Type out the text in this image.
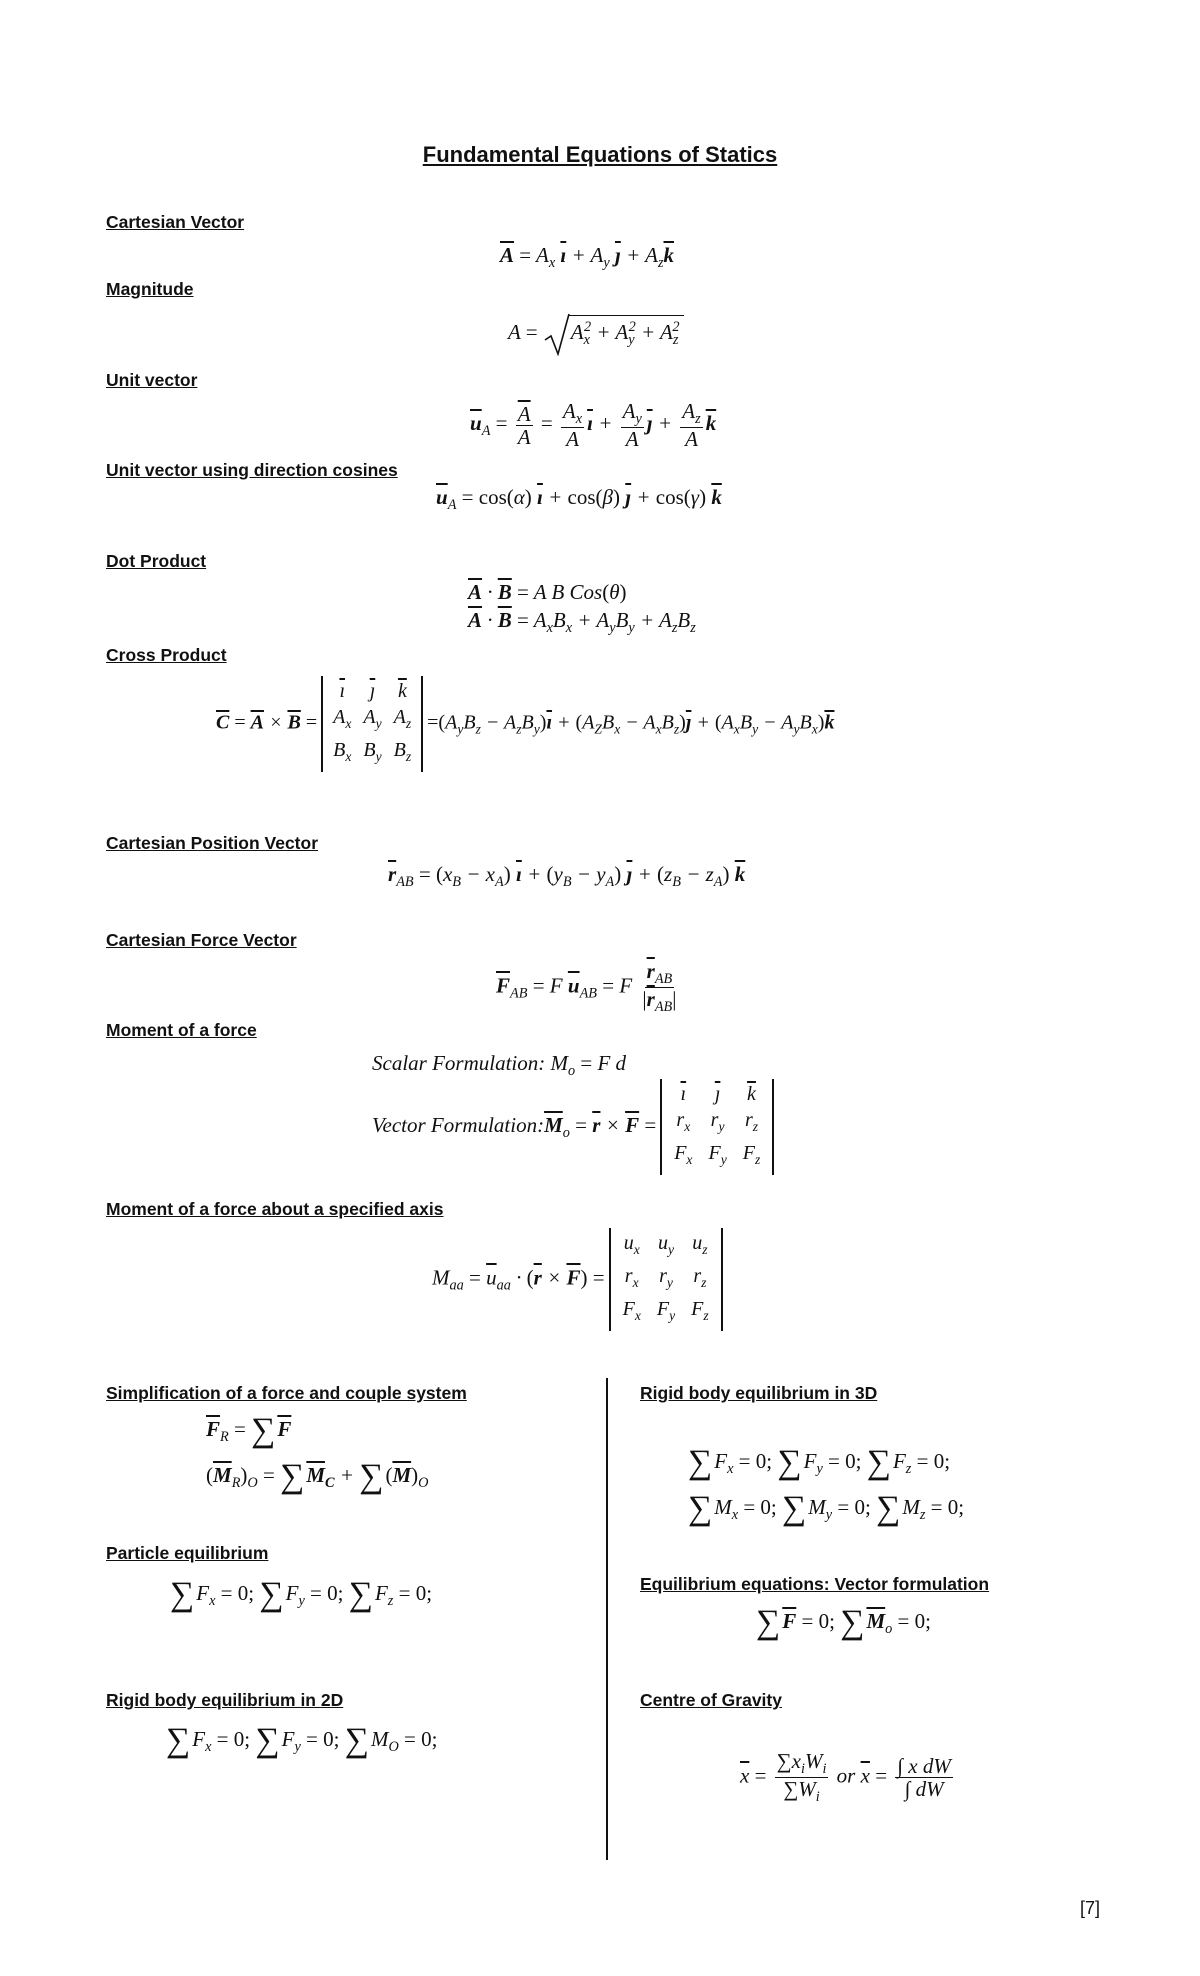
Fundamental Equations of Statics
Cartesian Vector
$\overline{A} = A_x$ $\overline{ı} + A_y$ $\overline{ȷ} + A_z\overline{k}$
Magnitude
$A = A_x^2 + A_y^2 + A_z^2$
Unit vector
$\overline{u}_A = \frac{\overline{A}}{A} = \frac{A_x}{A} \overline{ı} + \frac{A_y}{A} \overline{ȷ} + \frac{A_z}{A} \overline{k}$
Unit vector using direction cosines
$\overline{u}_A = \cos(\alpha) \overline{ı} + \cos(\beta) \overline{ȷ} + \cos(\gamma)$ $\overline{k}$
Dot Product
$\overline{A} \cdot \overline{B} = A$ B Cos(θ)
$\overline{A} \cdot \overline{B} = A_xB_x + A_yB_y + A_zB_z$
Cross Product
$\overline{C} = \overline{A} \times \overline{B}$ =
$\overline{ı}$	$\overline{ȷ}$	$\overline{k}$
$A_x$	$A_y$	$A_z$
$B_x$	$B_y$	$B_z$
$=(A_yB_z - A_zB_y)\overline{ı} + (A_ZB_x - A_xB_z)\overline{ȷ} + (A_xB_y - A_yB_x)\overline{k}$
Cartesian Position Vector
$\overline{r}_{AB} = (x_B - x_A) \overline{ı} + (y_B - y_A) \overline{ȷ} + (z_B - z_A)$ $\overline{k}$
Cartesian Force Vector
$\overline{F}_{AB} = F$ $\overline{u}_{AB} = F \frac{\overline{r}_{AB}}{|\overline{r}_{AB}|}$
Moment of a force
Scalar Formulation: $M_o = F$ d
Vector $Formulation:\overline{M}_o = \overline{r} \times \overline{F}$ =
$\overline{ı}$	$\overline{ȷ}$	$\overline{k}$
$r_x$	$r_y$	$r_z$
$F_x$	$F_y$	$F_z$
Moment of a force about a specified axis
$M_{aa} = \overline{u}_{aa} \cdot (\overline{r} \times \overline{F})$ =
$u_x$	$u_y$	$u_z$
$r_x$	$r_y$	$r_z$
$F_x$	$F_y$	$F_z$
Simplification of a force and couple system
$\overline{F}_R = \sum\overline{F}$
$(\overline{M}_R)_O = \sum\overline{M}_C + \sum(\overline{M})_O$
Particle equilibrium
$\sum F_x = 0$; $\sum F_y = 0$; $\sum F_z = 0$;
Rigid body equilibrium in 2D
$\sum F_x = 0$; $\sum F_y = 0$; $\sum M_O = 0$;
Rigid body equilibrium in 3D
$\sum F_x = 0$; $\sum F_y = 0$; $\sum F_z = 0$;
$\sum M_x = 0$; $\sum M_y = 0$; $\sum M_z = 0$;
Equilibrium equations: Vector formulation
$\sum\overline{F} = 0$; $\sum\overline{M}_o = 0$;
Centre of Gravity
$\overline{x} = \frac{\sum x_iW_i}{\sum W_i}$ or $\overline{x} = \frac{\text{∫ x dW}}{\int dW}$
[7]
